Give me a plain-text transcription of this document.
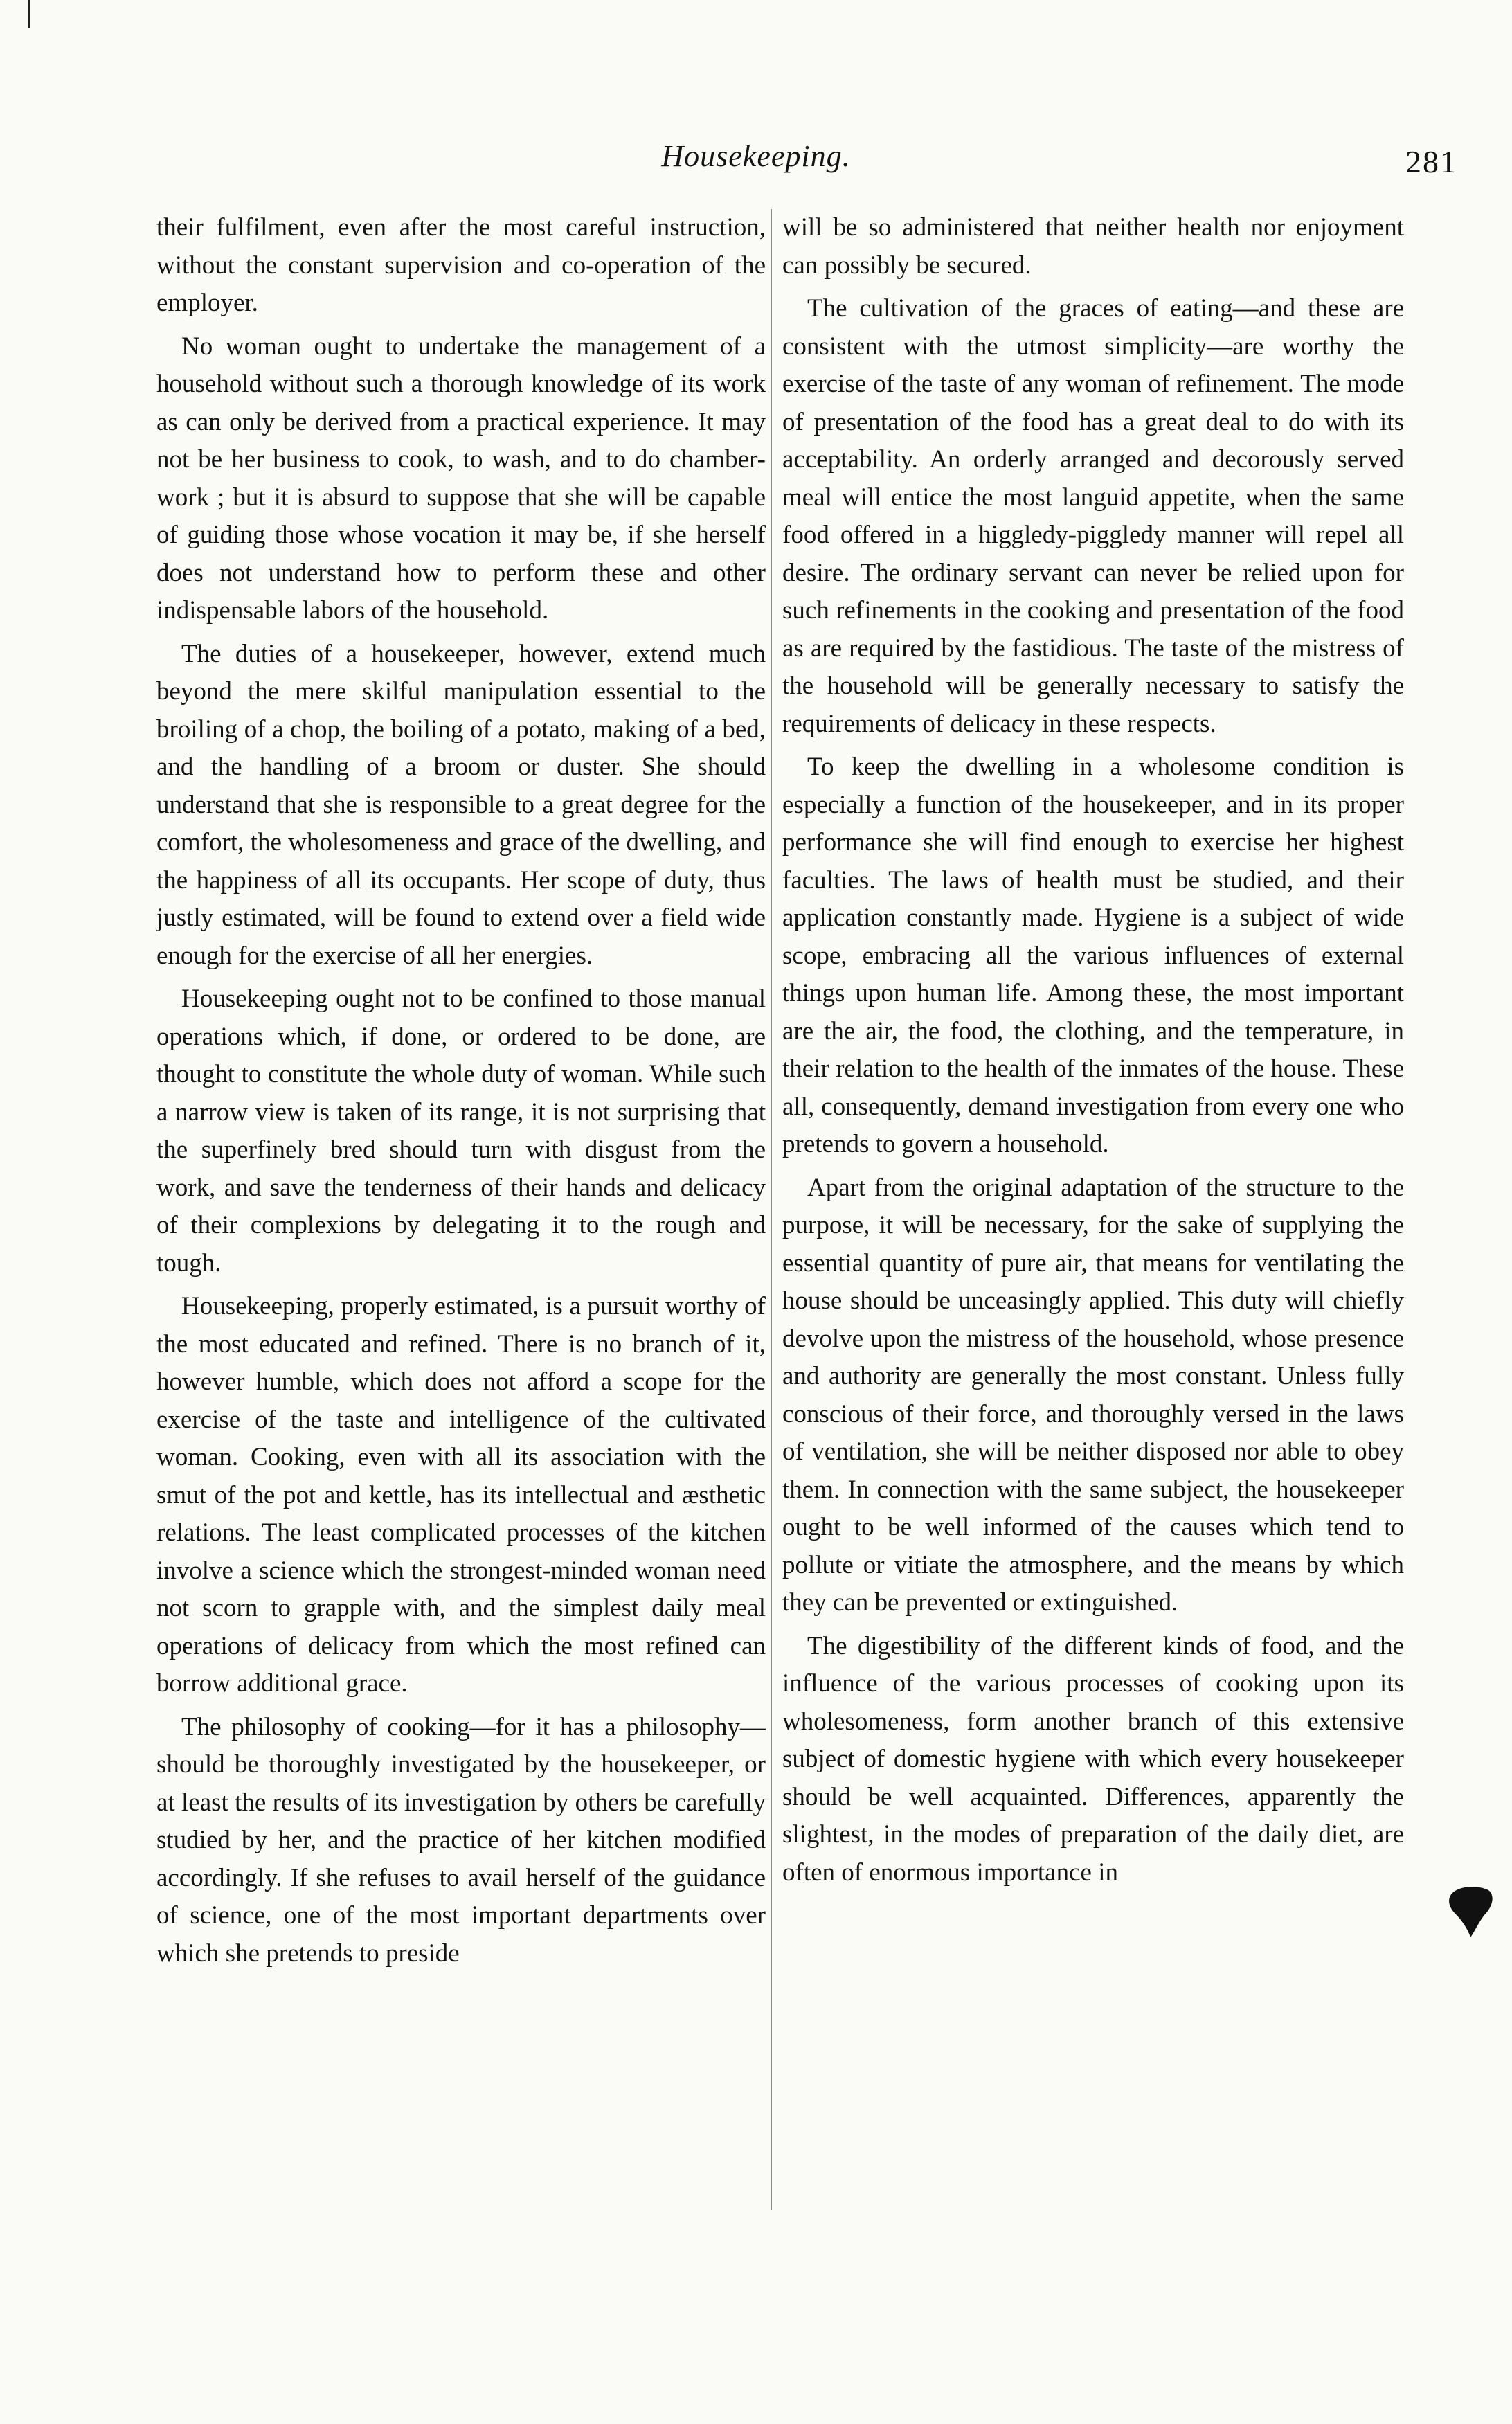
Housekeeping.	281

their fulfilment, even after the most careful instruction, without the constant supervision and co-operation of the employer.

No woman ought to undertake the management of a household without such a thorough knowledge of its work as can only be derived from a practical experience. It may not be her business to cook, to wash, and to do chamber-work ; but it is absurd to suppose that she will be capable of guiding those whose vocation it may be, if she herself does not understand how to perform these and other indispensable labors of the household.

The duties of a housekeeper, however, extend much beyond the mere skilful manipulation essential to the broiling of a chop, the boiling of a potato, making of a bed, and the handling of a broom or duster. She should understand that she is responsible to a great degree for the comfort, the wholesomeness and grace of the dwelling, and the happiness of all its occupants. Her scope of duty, thus justly estimated, will be found to extend over a field wide enough for the exercise of all her energies.

Housekeeping ought not to be confined to those manual operations which, if done, or ordered to be done, are thought to constitute the whole duty of woman. While such a narrow view is taken of its range, it is not surprising that the superfinely bred should turn with disgust from the work, and save the tenderness of their hands and delicacy of their complexions by delegating it to the rough and tough.

Housekeeping, properly estimated, is a pursuit worthy of the most educated and refined. There is no branch of it, however humble, which does not afford a scope for the exercise of the taste and intelligence of the cultivated woman. Cooking, even with all its association with the smut of the pot and kettle, has its intellectual and æsthetic relations. The least complicated processes of the kitchen involve a science which the strongest-minded woman need not scorn to grapple with, and the simplest daily meal operations of delicacy from which the most refined can borrow additional grace.

The philosophy of cooking—for it has a philosophy—should be thoroughly investigated by the housekeeper, or at least the results of its investigation by others be carefully studied by her, and the practice of her kitchen modified accordingly. If she refuses to avail herself of the guidance of science, one of the most important departments over which she pretends to preside

will be so administered that neither health nor enjoyment can possibly be secured.

The cultivation of the graces of eating—and these are consistent with the utmost simplicity—are worthy the exercise of the taste of any woman of refinement. The mode of presentation of the food has a great deal to do with its acceptability. An orderly arranged and decorously served meal will entice the most languid appetite, when the same food offered in a higgledy-piggledy manner will repel all desire. The ordinary servant can never be relied upon for such refinements in the cooking and presentation of the food as are required by the fastidious. The taste of the mistress of the household will be generally necessary to satisfy the requirements of delicacy in these respects.

To keep the dwelling in a wholesome condition is especially a function of the housekeeper, and in its proper performance she will find enough to exercise her highest faculties. The laws of health must be studied, and their application constantly made. Hygiene is a subject of wide scope, embracing all the various influences of external things upon human life. Among these, the most important are the air, the food, the clothing, and the temperature, in their relation to the health of the inmates of the house. These all, consequently, demand investigation from every one who pretends to govern a household.

Apart from the original adaptation of the structure to the purpose, it will be necessary, for the sake of supplying the essential quantity of pure air, that means for ventilating the house should be unceasingly applied. This duty will chiefly devolve upon the mistress of the household, whose presence and authority are generally the most constant. Unless fully conscious of their force, and thoroughly versed in the laws of ventilation, she will be neither disposed nor able to obey them. In connection with the same subject, the housekeeper ought to be well informed of the causes which tend to pollute or vitiate the atmosphere, and the means by which they can be prevented or extinguished.

The digestibility of the different kinds of food, and the influence of the various processes of cooking upon its wholesomeness, form another branch of this extensive subject of domestic hygiene with which every housekeeper should be well acquainted. Differences, apparently the slightest, in the modes of preparation of the daily diet, are often of enormous importance in
